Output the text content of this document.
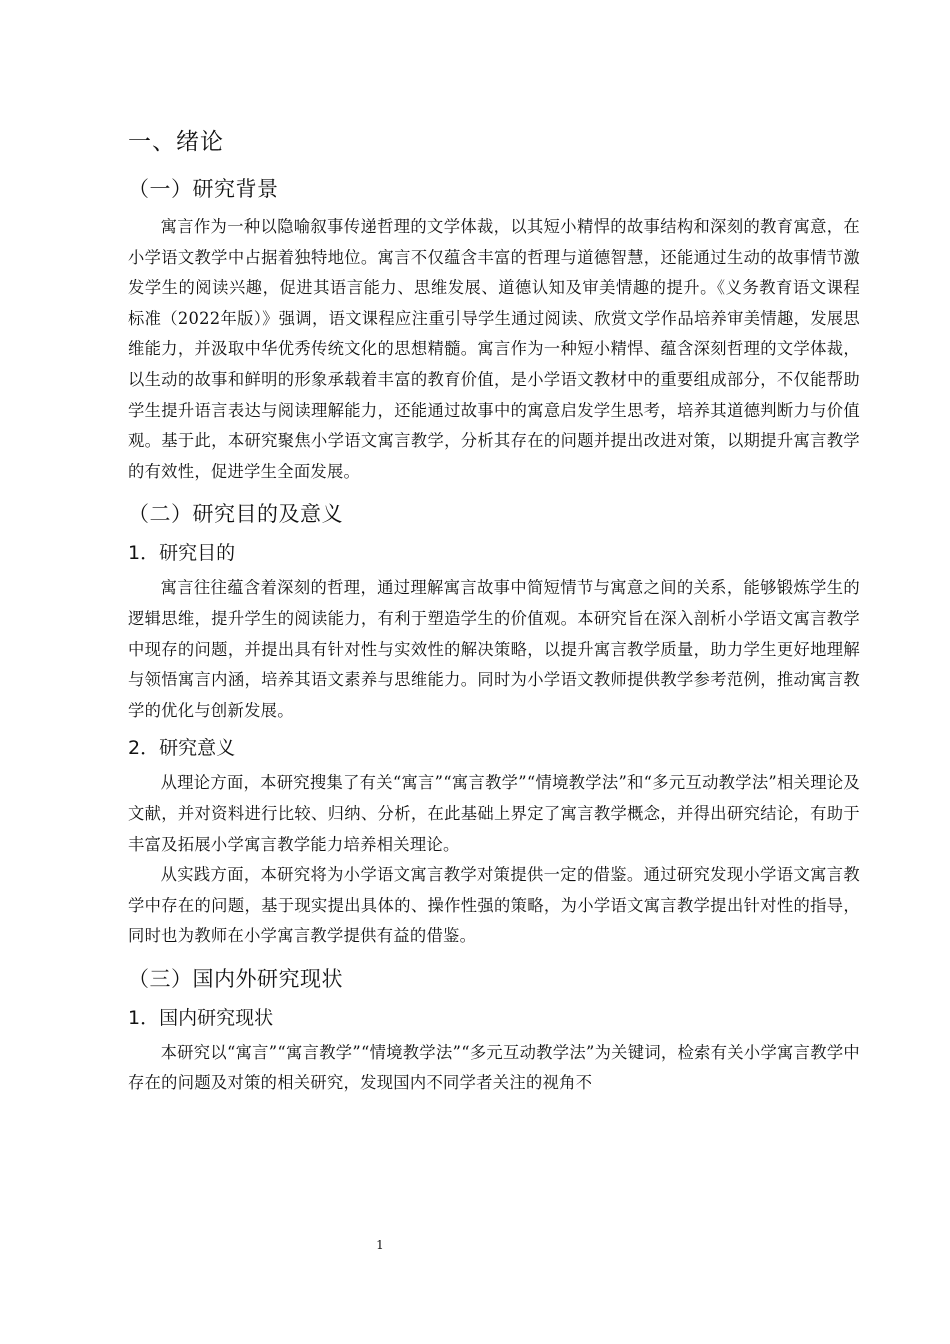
一、绪论
（一）研究背景

寓言作为一种以隐喻叙事传递哲理的文学体裁，以其短小精悍的故事结构和深刻的教育寓意，在小学语文教学中占据着独特地位。寓言不仅蕴含丰富的哲理与道德智慧，还能通过生动的故事情节激发学生的阅读兴趣，促进其语言能力、思维发展、道德认知及审美情趣的提升。《义务教育语文课程标准（2022年版）》强调，语文课程应注重引导学生通过阅读、欣赏文学作品培养审美情趣，发展思维能力，并汲取中华优秀传统文化的思想精髓。寓言作为一种短小精悍、蕴含深刻哲理的文学体裁，以生动的故事和鲜明的形象承载着丰富的教育价值，是小学语文教材中的重要组成部分，不仅能帮助学生提升语言表达与阅读理解能力，还能通过故事中的寓意启发学生思考，培养其道德判断力与价值观。基于此，本研究聚焦小学语文寓言教学，分析其存在的问题并提出改进对策，以期提升寓言教学的有效性，促进学生全面发展。

（二）研究目的及意义
1．研究目的

寓言往往蕴含着深刻的哲理，通过理解寓言故事中简短情节与寓意之间的关系，能够锻炼学生的逻辑思维，提升学生的阅读能力，有利于塑造学生的价值观。本研究旨在深入剖析小学语文寓言教学中现存的问题，并提出具有针对性与实效性的解决策略，以提升寓言教学质量，助力学生更好地理解与领悟寓言内涵，培养其语文素养与思维能力。同时为小学语文教师提供教学参考范例，推动寓言教学的优化与创新发展。

2．研究意义

从理论方面，本研究搜集了有关“寓言”“寓言教学”“情境教学法”和“多元互动教学法”相关理论及文献，并对资料进行比较、归纳、分析，在此基础上界定了寓言教学概念，并得出研究结论，有助于丰富及拓展小学寓言教学能力培养相关理论。

从实践方面，本研究将为小学语文寓言教学对策提供一定的借鉴。通过研究发现小学语文寓言教学中存在的问题，基于现实提出具体的、操作性强的策略，为小学语文寓言教学提出针对性的指导，同时也为教师在小学寓言教学提供有益的借鉴。

（三）国内外研究现状
1．国内研究现状

本研究以“寓言”“寓言教学”“情境教学法”“多元互动教学法”为关键词，检索有关小学寓言教学中存在的问题及对策的相关研究，发现国内不同学者关注的视角不

1
